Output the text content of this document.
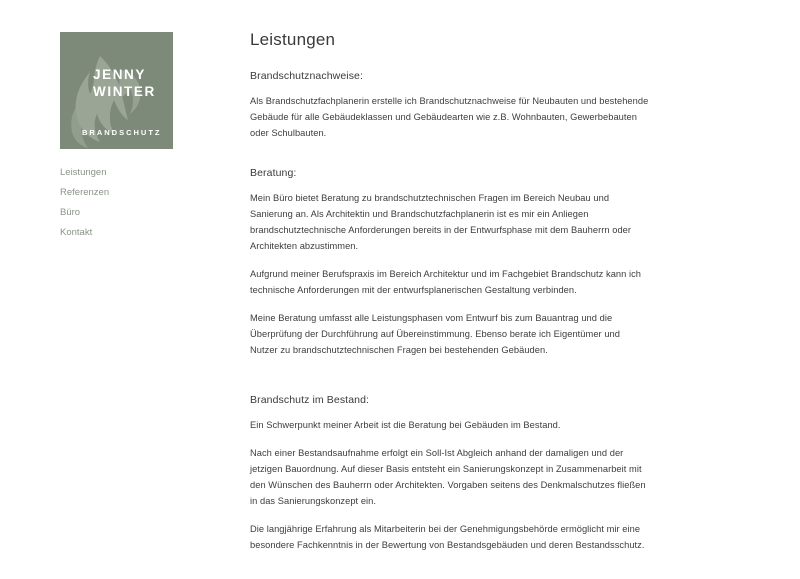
JENNY
WINTER
BRANDSCHUTZ
Leistungen
Referenzen
Büro
Kontakt
Leistungen
Brandschutznachweise:

Als Brandschutzfachplanerin erstelle ich Brandschutznachweise für Neubauten und bestehende Gebäude für alle Gebäudeklassen und Gebäudearten wie z.B. Wohnbauten, Gewerbebauten oder Schulbauten.

Beratung:

Mein Büro bietet Beratung zu brandschutztechnischen Fragen im Bereich Neubau und Sanierung an. Als Architektin und Brandschutzfachplanerin ist es mir ein Anliegen brandschutztechnische Anforderungen bereits in der Entwurfsphase mit dem Bauherrn oder Architekten abzustimmen.

Aufgrund meiner Berufspraxis im Bereich Architektur und im Fachgebiet Brandschutz kann ich technische Anforderungen mit der entwurfsplanerischen Gestaltung verbinden.

Meine Beratung umfasst alle Leistungsphasen vom Entwurf bis zum Bauantrag und die Überprüfung der Durchführung auf Übereinstimmung. Ebenso berate ich Eigentümer und Nutzer zu brandschutztechnischen Fragen bei bestehenden Gebäuden.

Brandschutz im Bestand:

Ein Schwerpunkt meiner Arbeit ist die Beratung bei Gebäuden im Bestand.

Nach einer Bestandsaufnahme erfolgt ein Soll-Ist Abgleich anhand der damaligen und der jetzigen Bauordnung. Auf dieser Basis entsteht ein Sanierungskonzept in Zusammenarbeit mit den Wünschen des Bauherrn oder Architekten. Vorgaben seitens des Denkmalschutzes fließen in das Sanierungskonzept ein.

Die langjährige Erfahrung als Mitarbeiterin bei der Genehmigungsbehörde ermöglicht mir eine besondere Fachkenntnis in der Bewertung von Bestandsgebäuden und deren Bestandsschutz.
